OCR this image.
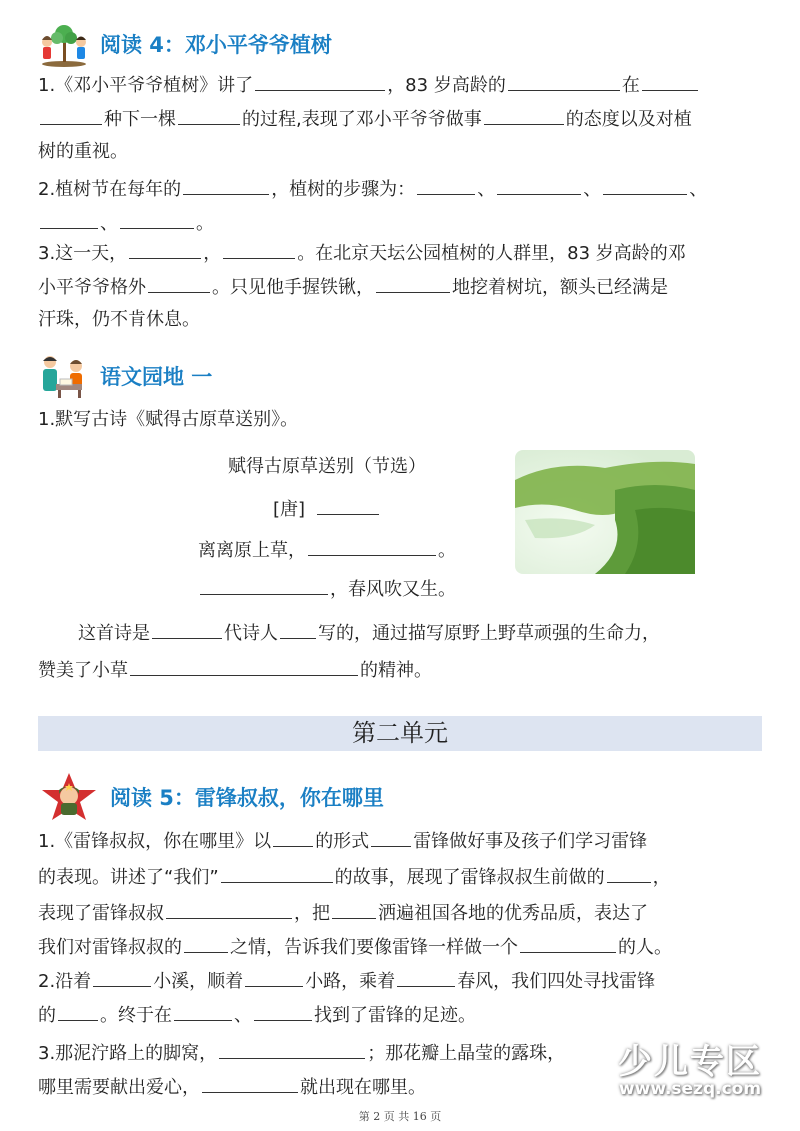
阅读 4：邓小平爷爷植树
1.《邓小平爷爷植树》讲了	，83 岁高龄的	在
种下一棵	的过程,表现了邓小平爷爷做事	的态度以及对植
树的重视。
2.植树节在每年的	，植树的步骤为：	、	、	、
、	。
3.这一天，	，	。在北京天坛公园植树的人群里，83 岁高龄的邓
小平爷爷格外	。只见他手握铁锹，	地挖着树坑，额头已经满是
汗珠，仍不肯休息。
语文园地 一
1.默写古诗《赋得古原草送别》。
赋得古原草送别（节选）
[唐]
离离原上草，	。
，春风吹又生。
这首诗是	代诗人 写的，通过描写原野上野草顽强的生命力，
赞美了小草	的精神。
第二单元
阅读 5：雷锋叔叔，你在哪里
1.《雷锋叔叔，你在哪里》以 的形式 雷锋做好事及孩子们学习雷锋
的表现。讲述了“我们”	的故事，展现了雷锋叔叔生前做的	，
表现了雷锋叔叔	，把	洒遍祖国各地的优秀品质，表达了
我们对雷锋叔叔的	之情，告诉我们要像雷锋一样做一个	的人。
2.沿着	小溪，顺着	小路，乘着	春风，我们四处寻找雷锋
的 。终于在	、	找到了雷锋的足迹。
3.那泥泞路上的脚窝，	；那花瓣上晶莹的露珠，
哪里需要献出爱心，	就出现在哪里。
少儿专区
www.sezq.com
第 2 页 共 16 页
